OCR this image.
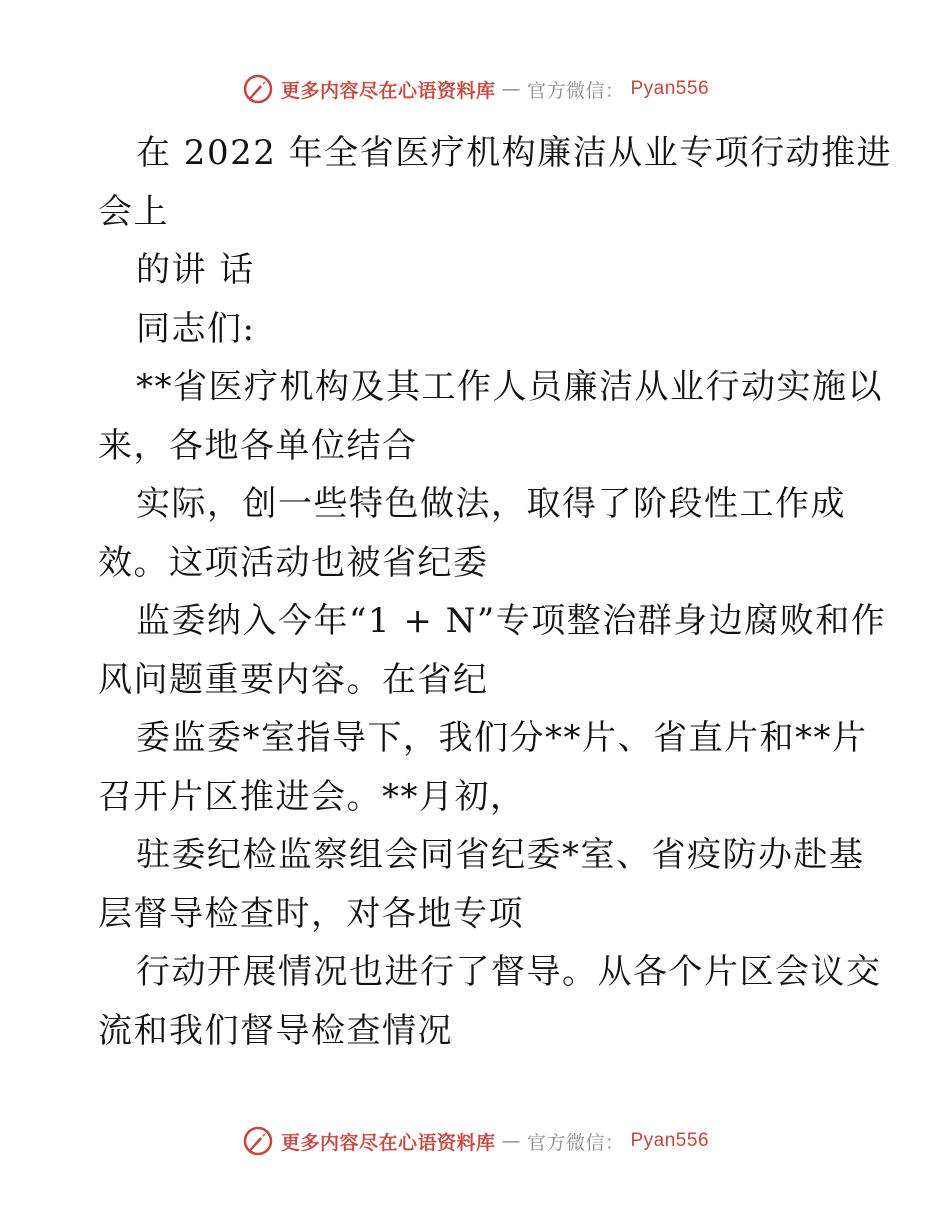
更多内容尽在心语资料库 — 官方微信： Pyan556
在 2022 年全省医疗机构廉洁从业专项行动推进
会上
的讲 话
同志们:
**省医疗机构及其工作人员廉洁从业行动实施以
来，各地各单位结合
实际，创一些特色做法，取得了阶段性工作成
效。这项活动也被省纪委
监委纳入今年“1 + N”专项整治群身边腐败和作
风问题重要内容。在省纪
委监委*室指导下，我们分**片、省直片和**片
召开片区推进会。**月初，
驻委纪检监察组会同省纪委*室、省疫防办赴基
层督导检查时，对各地专项
行动开展情况也进行了督导。从各个片区会议交
流和我们督导检查情况
更多内容尽在心语资料库 — 官方微信： Pyan556
